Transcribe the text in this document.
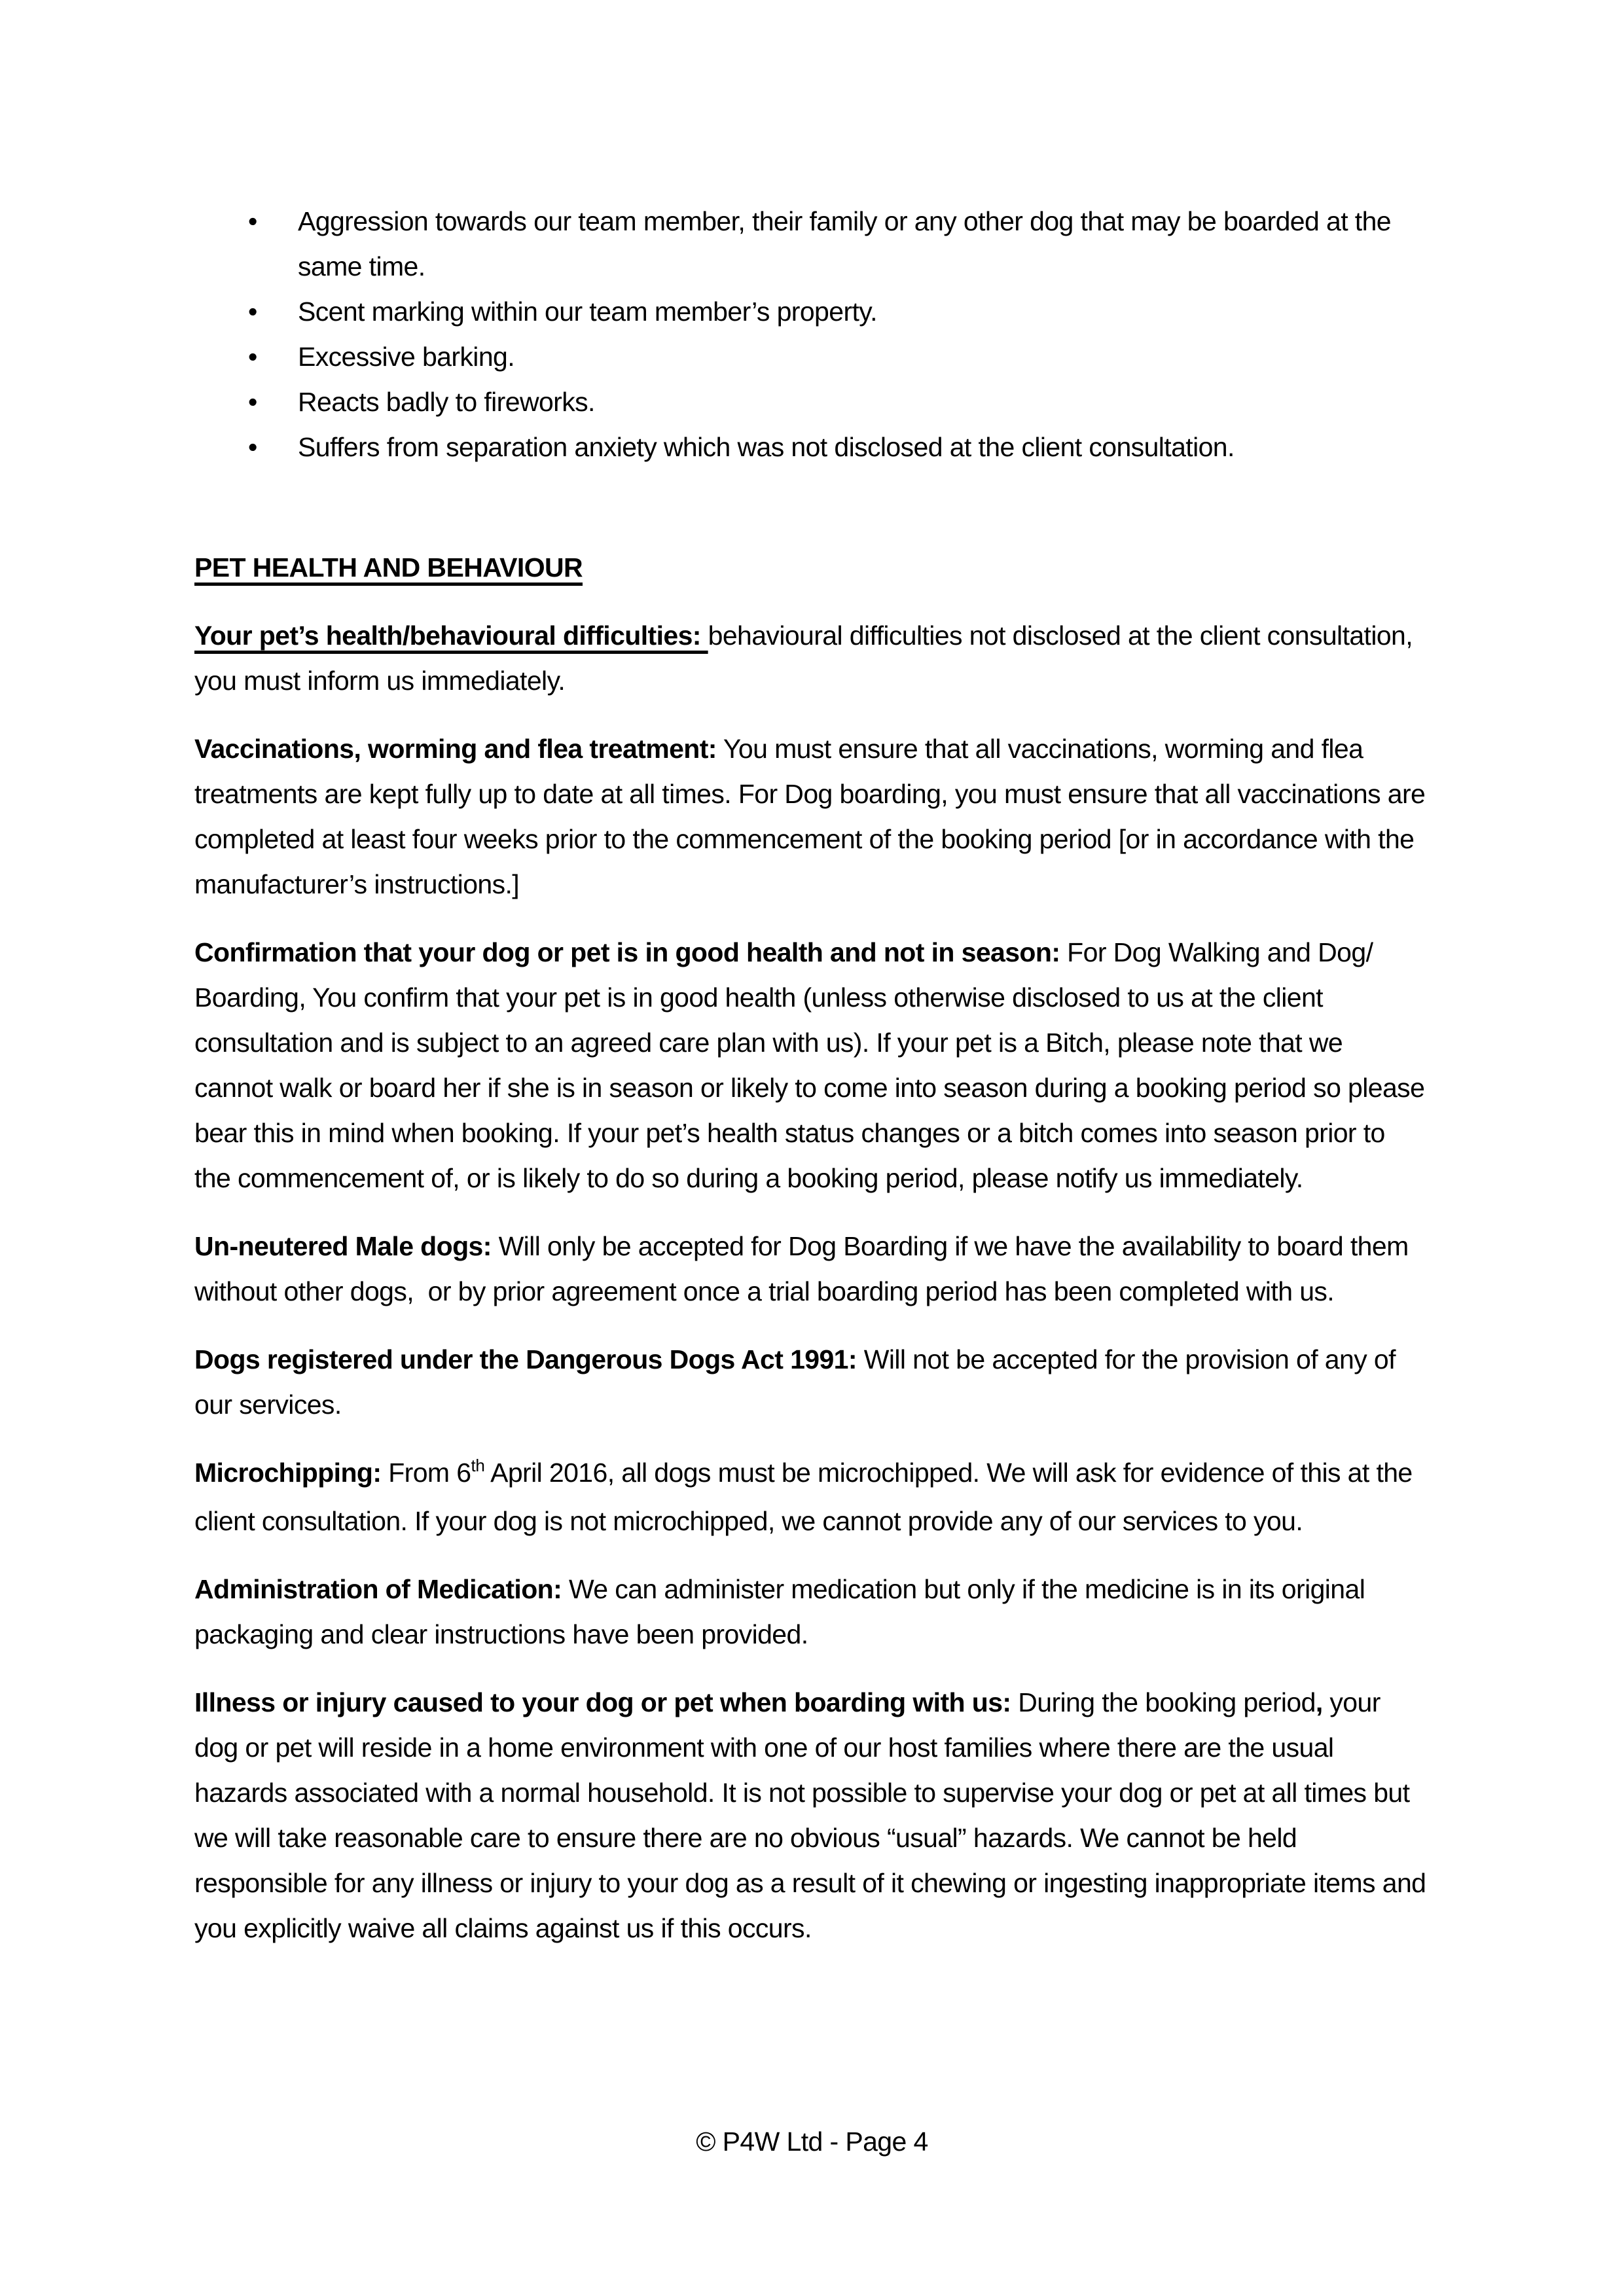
• Aggression towards our team member, their family or any other dog that may be boarded at the same time.
• Scent marking within our team member’s property.
• Excessive barking.
• Reacts badly to fireworks.
• Suffers from separation anxiety which was not disclosed at the client consultation.

PET HEALTH AND BEHAVIOUR

Your pet’s health/behavioural difficulties: behavioural difficulties not disclosed at the client consultation, you must inform us immediately.

Vaccinations, worming and flea treatment: You must ensure that all vaccinations, worming and flea treatments are kept fully up to date at all times. For Dog boarding, you must ensure that all vaccinations are completed at least four weeks prior to the commencement of the booking period [or in accordance with the manufacturer’s instructions.]

Confirmation that your dog or pet is in good health and not in season: For Dog Walking and Dog/ Boarding, You confirm that your pet is in good health (unless otherwise disclosed to us at the client consultation and is subject to an agreed care plan with us). If your pet is a Bitch, please note that we cannot walk or board her if she is in season or likely to come into season during a booking period so please bear this in mind when booking. If your pet’s health status changes or a bitch comes into season prior to the commencement of, or is likely to do so during a booking period, please notify us immediately.

Un-neutered Male dogs: Will only be accepted for Dog Boarding if we have the availability to board them without other dogs,  or by prior agreement once a trial boarding period has been completed with us.

Dogs registered under the Dangerous Dogs Act 1991: Will not be accepted for the provision of any of our services.

Microchipping: From 6th April 2016, all dogs must be microchipped. We will ask for evidence of this at the client consultation. If your dog is not microchipped, we cannot provide any of our services to you.

Administration of Medication: We can administer medication but only if the medicine is in its original packaging and clear instructions have been provided.

Illness or injury caused to your dog or pet when boarding with us: During the booking period, your dog or pet will reside in a home environment with one of our host families where there are the usual hazards associated with a normal household. It is not possible to supervise your dog or pet at all times but we will take reasonable care to ensure there are no obvious “usual” hazards. We cannot be held responsible for any illness or injury to your dog as a result of it chewing or ingesting inappropriate items and you explicitly waive all claims against us if this occurs.

© P4W Ltd - Page 4
